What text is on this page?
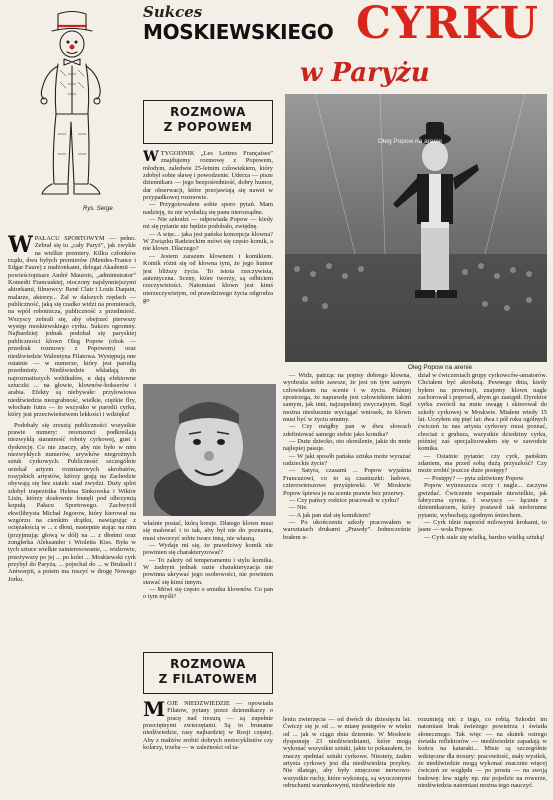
Sukces
MOSKIEWSKIEGO CYRKU
w Paryżu
Rys. Serge
ROZMOWA
Z POPOWEM
Oleg Popow na arenie
Oleg Popow na arenie

WPAŁACU SPORTOWYM — pełno. Zebrał się tu „cały Paryż”, jak zwykle na wielkie premiery. Kilku członków rządu, dwu byłych premierów (Mendes-France i Edgar Faure) z małżonkami, delegat Akademii — powieściopisarz André Maurois, „administrator” Komedii Francuskiej, otoczony najsłynniejszymi aktorkami, filmowcy: René Clair i Louis Daquin, malarze, aktorzy... Żal w dalszych rzędach — publiczność, jaką się rzadko widzi na premierach, na wpół robotnicza, publiczność z przedmieść. Wszyscy zebrali się, aby obejrzeć pierwszy występ moskiewskiego cyrku. Sukces ogromny. Najbardziej jednak podobał się paryskiej publiczności klown Oleg Popow (obok — przedruk rozmowy z Popowem) oraz niedźwiedzie Walentyna Filatowa. Występują one ostatnie — w numerze, który jest parodią przedmioty. Niedźwiedzie wkładają do najrozmaitszych wehikułów, u dają efektowne sztuczki ... na głowie, klownów-bokserów i arabia. Efekty są niebywałe: przyłowiowa niedźwiedzia niezgrabność, wielkie, ciężkie flry, włochate futra — to wszystko w parodii cyrku, który jest przeciwieństwem lekkości i wdzięku!

Podobały się zresztą publiczności wszystkie prawie numery: recenzenci podkreślają niezwykłą staranność roboty cyrkowej, gust i dyskrecję. Co nie znaczy, aby nie było w nim niezwykłych numerów, urywków niegrożnych sztuk cyrkowych. Publiczność szczególnie urzekał artyzm rozmiarowych akrobatów, rosyjskich artystów, którzy grają na Zachodzie obywają się bez siatek: siad zwydzi. Duży splot zdobył trapezistka Helena Sinkowska i Wiktor Lisin, którzy dosłownie frunęli pod olbrzymią kopułą Pałacu Sportowego. Zachwycił ekwilibrysta Michał Jegorow, który kierował na wzgórzu na cienkim drążku, nawiązując z ociężałością w ... z dłoni, nastepnie stając na nim (przyjmując głową w dół) na ... z dłońmi oraz żonglerka Aleksander i Wioletta Kiss. Była w tych sztuce wielkie zainteresowanie, ... widzowie, przeżywszy po jej ... po kolei ... Moskiewski cyrk przybył do Paryża, ... pojechał do ... w Brukseli i Antwerpii, a potem ma ruszyć w drogę Nowego Jorku.

WTYGODNIK „Les Lettres Françaises” znajdujemy rozmowę z Popowem, młodym, zaledwie 25-letnim człowiekiem, który zdobył sobie sławę i powodzenie. Uderza — pisze dziennikarz — jego bezpośredniość, dobry humor, dar obserwacji, które przejawiają się nawet w przypadkowej rozmowie.

— Przygotowałem sobie sporo pytań. Mam nadzieję, że nie wydadzą się panu nierozsądne.

— Nie szkodzi — odpowiada Popow — kiedy mi się pytanie nie będzie podobało, zwiędnę.

— A więc... jaka jest pańska koncepcja klowna? W Związku Radzieckim mówi się często komik, a nie klown. Dlaczego?

— Jestem zarazem klownem i komikiem. Komik różni się od klowna tym, że jego humor jest bliższy życia. To istota rzeczywista, autentyczna. Sceny, które tworzy, są odbiciem rzeczywistości. Natomiast klown jest kimś nierzeczywistym, od prawdziwego życia odgrodza go

właśnie postać, którą kreuje. Dlatego klown musi się malować i to tak, aby był nie do poznania, musi stworzyć sobie twarz inną, nie własną.

— Wydaje mi się, że prawdziwy komik nie powinien się charakteryzować?

— To zależy od temperamentu i stylu komika. W żadnym jednak razie charakteryzacja nie powinna ukrywać jego osobowości, nie powinien stawać się kimś innym.

— Mówi się często o smutku klownów. Co pan o tym myśli?

— Widz, patrząc na popisy dobrego klowna, wyobraża sobie zawsze, że jest on tym samym człowiekiem na scenie i w życiu. Później spostrzega, że naprawdę jest człowiekiem takim samym, jak inni, najzupełniej zwyczajnym. Stąd można nieslusznie wyciągać wniosek, że klown musi być w życiu smutny.

— Czy mógłby pan w dwu słowach zdefiniować samego siebie jako komika?

— Duże dziecko, oto określenie, jakie do mnie najlepiej pasuje.

— W jaki sposób pańska sztuka może wyrażać radzieckie życie?

— Satyra, czasami ... Popow wyjaśnia Francuzowi, co to są czastuszki: ludowe, czterowierszowe przyśpiewki. W Moskwie Popow śpiewa je na scenie prawie bez przerwy.

— Czy pańscy rodzice pracowali w cyrku?

— Nie.

— A jak pan stał się komikiem?

— Po ukończeniu szkoły pracowałem w warsztatach drukarni „Prawdy”. Jednocześnie brałem u-

dział w ćwiczeniach grupy cyrkowców-amatorów. Chciałem być akrobatą. Pewnego dnia, kiedy byłem na prowincji, znajomy klown nagle zachorował i poprosił, abym go zastąpił. Dyrektor cyrku zwrócił na mnie uwagę i skierował do szkoły cyrkowej w Moskwie. Miałem wtedy 15 lat. Uczyłem się pięć lat: dwa i pół roku ogólnych ćwiczeń tu nas artysta cyrkowy musi poznać, chociaż z grubsza, wszystkie dziedziny cyrku, później zaś specjalizowałem się w zawodzie komika.

— Ostatnie pytanie: czy cyrk, pańskim zdaniem, ma przed sobą dużą przyszłość? Czy może zrobić jeszcze duże postępy?

— Postępy? — pyta zdziwiony Popow.

Popow wytrzeszcza oczy i nagle... zaczyna gwizdać. Ćwiczenie wspaniałe niewielkie, jak fabryczna syrena. I wszyscy — łącznie z dziennikarzem, który postawił tak nieforunne pytanie, wybuchają zgodnym śmiechem.

— Cyrk idzie naprzód milowymi krokami, to jasne — woła Popow.

— Cyrk stale się wielką, bardzo wielką sztuką!

ROZMOWA
Z FILATOWEM

MOJE NIEDŹWIEDZIE — opowiada Filatow, pytany przez dziennikarzy o pracę nad tresurą — są zupełnie przeciętnymi zwierzętami. Są to brunatne niedźwiedzie, rasy najbardziej w Rosji częstej. Aby z małżów zrobić dobrych motocyklistów czy kolarzy, trzeba — w zależności od ta-

lentu zwierzęcia — od dwóch do dziesięciu lat. Ćwiczy się je od ... w miarę postępów w wieku od ... jak w ciągu dnia dziennie. W Moskwie dysponuję 23 niedźwiedziami, które mogą wykonać wszystkie sztuki, jakie to pokazałem, to znaczy spełniać sztuki cyrkowe. Niestety, żaden artysta cyrkowy jest dla niedźwiedzia przykry. Nie dlatego, aby były zmęczone nerwowo: wszystkie ruchy, które wykonują, są wyuczonymi odruchami warunkowymi, niedźwiedzie nie

rozumieją nic z tego, co robią. Szkodzi im natomiast brak świeżego powietrza i światła słonecznego. Tak więc — na skutek ostrego światła reflektorów — niedźwiedzie zapadają w końcu na katarakt... Misie są szczególnie wdzięczne dla tresury: pracowitość, stały wysiłek, że niedźwiedzie mogą wykonać znacznie więcej ćwiczeń ze względu — po prostu — na swoją budowę: lew nigdy np. nie pojedzie na rowerze, niedźwiedzia natomiast można tego nauczyć.
